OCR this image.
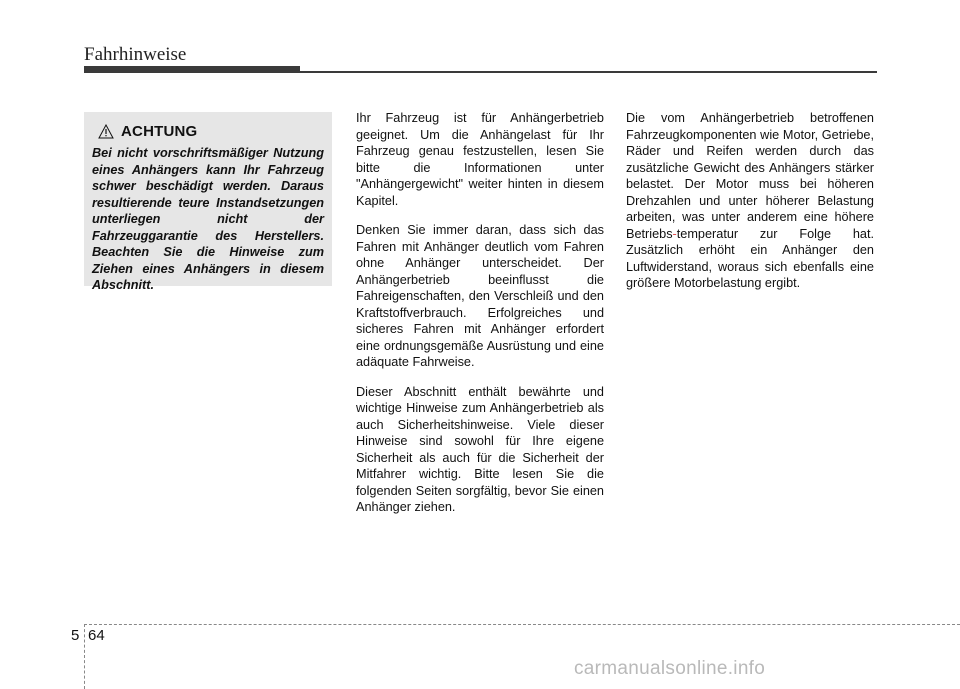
Fahrhinweise
ACHTUNG
Bei nicht vorschriftsmäßiger Nutzung eines Anhängers kann Ihr Fahrzeug schwer beschädigt werden. Daraus resultierende teure Instandsetzungen unterliegen nicht der Fahrzeuggarantie des Herstellers. Beachten Sie die Hinweise zum Ziehen eines Anhängers in diesem Abschnitt.

Ihr Fahrzeug ist für Anhängerbetrieb geeignet. Um die Anhängelast für Ihr Fahrzeug genau festzustellen, lesen Sie bitte die Informationen unter "Anhängergewicht" weiter hinten in diesem Kapitel.

Denken Sie immer daran, dass sich das Fahren mit Anhänger deutlich vom Fahren ohne Anhänger unterscheidet. Der Anhängerbetrieb beeinflusst die Fahreigenschaften, den Verschleiß und den Kraftstoffverbrauch. Erfolgreiches und sicheres Fahren mit Anhänger erfordert eine ordnungsgemäße Ausrüstung und eine adäquate Fahrweise.

Dieser Abschnitt enthält bewährte und wichtige Hinweise zum Anhängerbetrieb als auch Sicherheitshinweise. Viele dieser Hinweise sind sowohl für Ihre eigene Sicherheit als auch für die Sicherheit der Mitfahrer wichtig. Bitte lesen Sie die folgenden Seiten sorgfältig, bevor Sie einen Anhänger ziehen.

Die vom Anhängerbetrieb betroffenen Fahrzeugkomponenten wie Motor, Getriebe, Räder und Reifen werden durch das zusätzliche Gewicht des Anhängers stärker belastet. Der Motor muss bei höheren Drehzahlen und unter höherer Belastung arbeiten, was unter anderem eine höhere Betriebs-temperatur zur Folge hat. Zusätzlich erhöht ein Anhänger den Luftwiderstand, woraus sich ebenfalls eine größere Motorbelastung ergibt.

5 64
carmanualsonline.info
